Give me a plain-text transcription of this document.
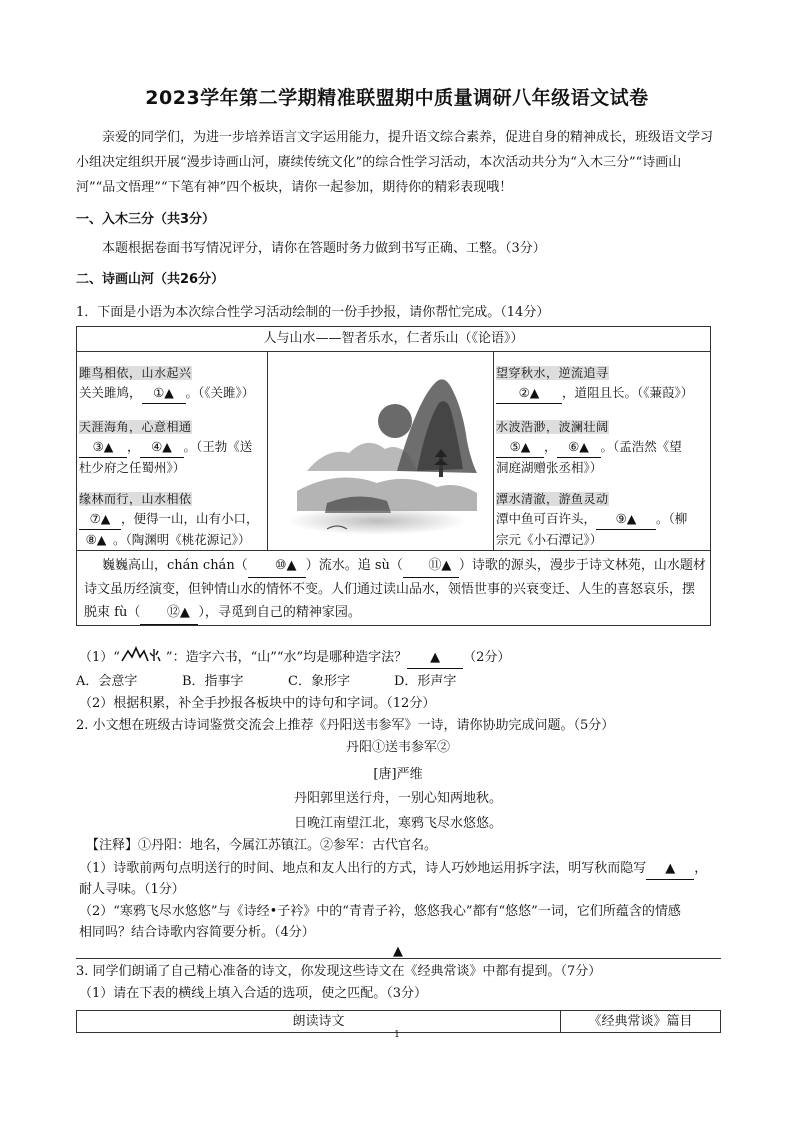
2023学年第二学期精准联盟期中质量调研八年级语文试卷
亲爱的同学们，为进一步培养语言文字运用能力，提升语文综合素养，促进自身的精神成长，班级语文学习小组决定组织开展“漫步诗画山河，赓续传统文化”的综合性学习活动，本次活动共分为“入木三分”“诗画山河”“品文悟理”“下笔有神”四个板块，请你一起参加，期待你的精彩表现哦！
一、入木三分（共3分）
本题根据卷面书写情况评分，请你在答题时务力做到书写正确、工整。（3分）
二、诗画山河（共26分）
1．下面是小语为本次综合性学习活动绘制的一份手抄报，请你帮忙完成。（14分）
人与山水——智者乐水，仁者乐山（《论语》）
雎鸟相依，山水起兴
关关雎鸠， ①▲ 。（《关雎》）
天涯海角，心意相通
③▲ ， ④▲ 。（王勃《送
杜少府之任蜀州》）
缘林而行，山水相依
⑦▲ ，便得一山，山有小口，
⑧▲ 。（陶渊明《桃花源记》）
望穿秋水，逆流追寻
②▲ ，道阻且长。（《蒹葭》）
水波浩渺，波澜壮阔
⑤▲ ， ⑥▲ 。（孟浩然《望
洞庭湖赠张丞相》）
潭水清澈，游鱼灵动
潭中鱼可百许头， ⑨▲ 。（柳
宗元《小石潭记》）
巍巍高山，chán chán（ ⑩▲ ）流水。追 sù（ ⑪▲ ）诗歌的源头，漫步于诗文林苑，山水题材诗文虽历经演变，但钟情山水的情怀不变。人们通过读山品水，领悟世事的兴衰变迁、人生的喜怒哀乐，摆脱束 fù（ ⑫▲ ），寻觅到自己的精神家园。
（1）“	”：造字六书，“山”“水”均是哪种造字法？ ▲ （2分）
A．会意字	B．指事字	C．象形字	D．形声字
（2）根据积累，补全手抄报各板块中的诗句和字词。（12分）
2. 小文想在班级古诗词鉴赏交流会上推荐《丹阳送韦参军》一诗，请你协助完成问题。（5分）
丹阳①送韦参军②
[唐]严维
丹阳郭里送行舟，一别心知两地秋。
日晚江南望江北，寒鸦飞尽水悠悠。
【注释】①丹阳：地名，今属江苏镇江。②参军：古代官名。
（1）诗歌前两句点明送行的时间、地点和友人出行的方式，诗人巧妙地运用拆字法，明写秋而隐写 ▲ ，耐人寻味。（1分）
（2）“寒鸦飞尽水悠悠”与《诗经•子衿》中的“青青子衿，悠悠我心”都有“悠悠”一词，它们所蕴含的情感
相同吗？结合诗歌内容简要分析。（4分）
▲
3. 同学们朗诵了自己精心准备的诗文，你发现这些诗文在《经典常谈》中都有提到。（7分）
（1）请在下表的横线上填入合适的选项，使之匹配。（3分）
朗读诗文	《经典常谈》篇目
1
